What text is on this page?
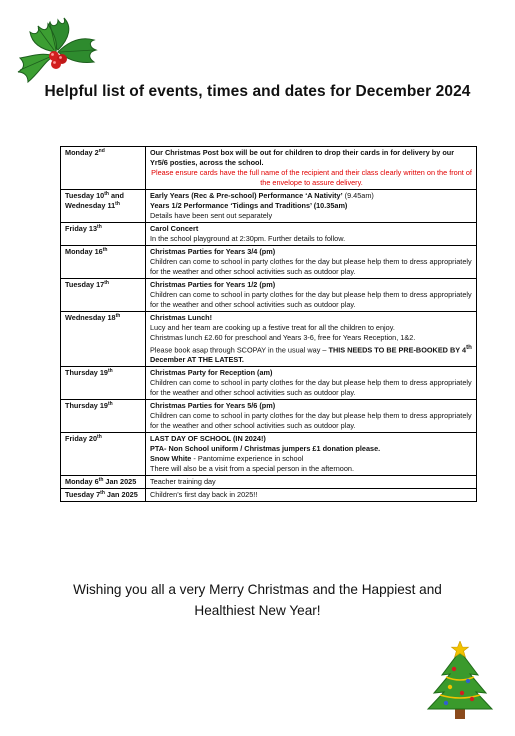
Helpful list of events, times and dates for December 2024
Monday 2nd	Our Christmas Post box will be out for children to drop their cards in for delivery by our Yr5/6 posties, across the school.

Please ensure cards have the full name of the recipient and their class clearly written on the front of the envelope to assure delivery.

Tuesday 10th and Wednesday 11th	Early Years (Rec & Pre-school) Performance ‘A Nativity’ (9.45am)

Years 1/2 Performance ‘Tidings and Traditions’ (10.35am)

Details have been sent out separately

Friday 13th	Carol Concert

In the school playground at 2:30pm. Further details to follow.

Monday 16th	Christmas Parties for Years 3/4 (pm)

Children can come to school in party clothes for the day but please help them to dress appropriately for the weather and other school activities such as outdoor play.

Tuesday 17th	Christmas Parties for Years 1/2 (pm)

Children can come to school in party clothes for the day but please help them to dress appropriately for the weather and other school activities such as outdoor play.

Wednesday 18th	Christmas Lunch!

Lucy and her team are cooking up a festive treat for all the children to enjoy.

Christmas lunch £2.60 for preschool and Years 3-6, free for Years Reception, 1&2.

Please book asap through SCOPAY in the usual way – THIS NEEDS TO BE PRE-BOOKED BY 4th December AT THE LATEST.

Thursday 19th	Christmas Party for Reception (am)

Children can come to school in party clothes for the day but please help them to dress appropriately for the weather and other school activities such as outdoor play.

Thursday 19th	Christmas Parties for Years 5/6 (pm)

Children can come to school in party clothes for the day but please help them to dress appropriately for the weather and other school activities such as outdoor play.

Friday 20th	LAST DAY OF SCHOOL (IN 2024!)

PTA- Non School uniform / Christmas jumpers £1 donation please.

Snow White - Pantomime experience in school

There will also be a visit from a special person in the afternoon.

Monday 6th Jan 2025	Teacher training day

Tuesday 7th Jan 2025	Children’s first day back in 2025!!

Wishing you all a very Merry Christmas and the Happiest and
Healthiest New Year!
